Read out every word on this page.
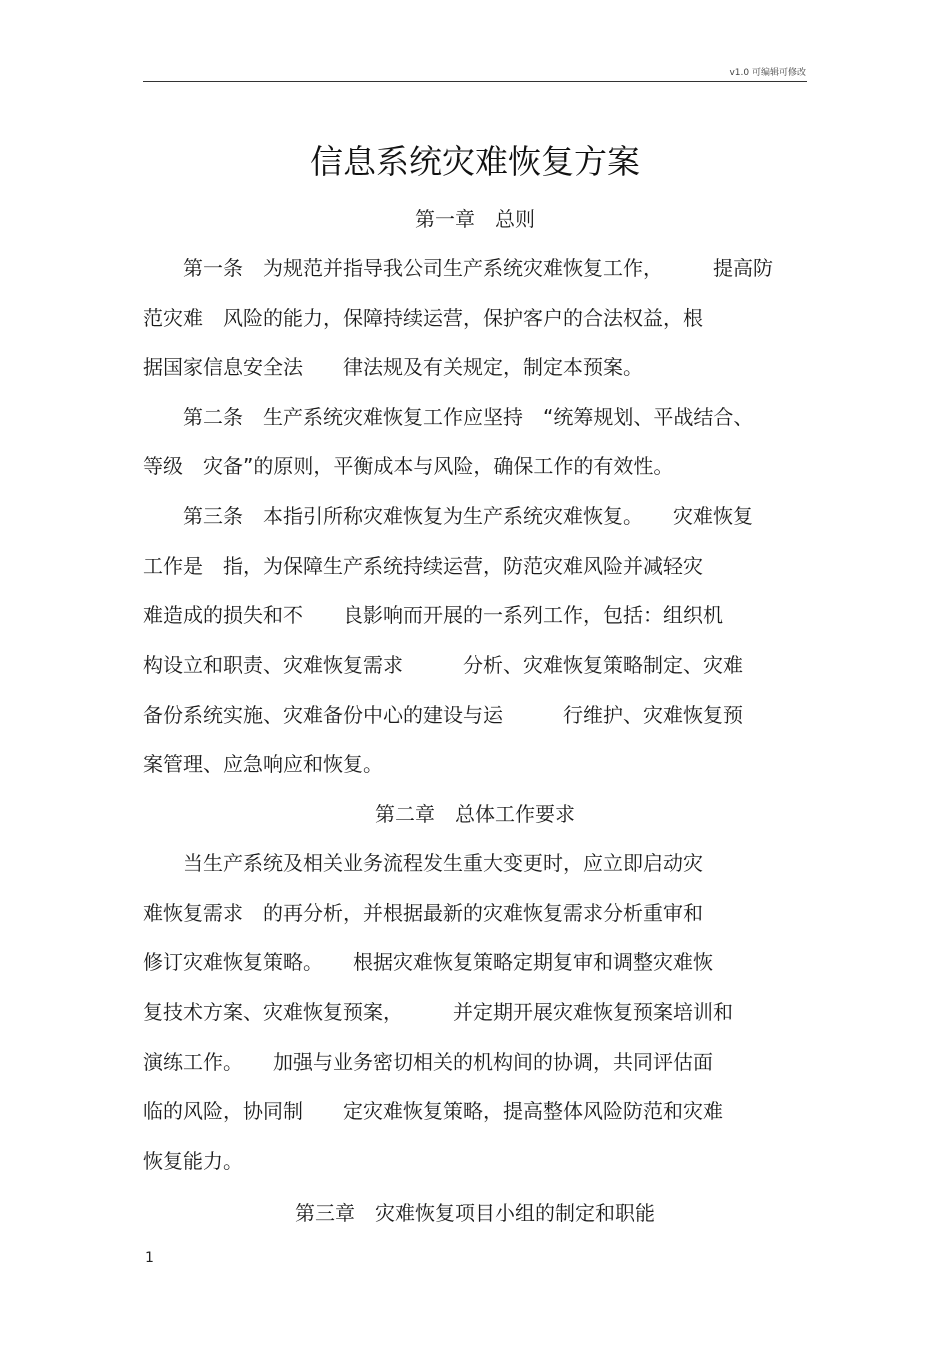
v1.0 可编辑可修改
信息系统灾难恢复方案
第一章　总则
　　第一条　为规范并指导我公司生产系统灾难恢复工作，　　　提高防
范灾难　风险的能力，保障持续运营，保护客户的合法权益，根
据国家信息安全法　　律法规及有关规定，制定本预案。
　　第二条　生产系统灾难恢复工作应坚持　“统筹规划、平战结合、
等级　灾备”的原则，平衡成本与风险，确保工作的有效性。
　　第三条　本指引所称灾难恢复为生产系统灾难恢复。　　灾难恢复
工作是　指，为保障生产系统持续运营，防范灾难风险并减轻灾
难造成的损失和不　　良影响而开展的一系列工作，包括：组织机
构设立和职责、灾难恢复需求　　　分析、灾难恢复策略制定、灾难
备份系统实施、灾难备份中心的建设与运　　　行维护、灾难恢复预
案管理、应急响应和恢复。
第二章　总体工作要求
　　当生产系统及相关业务流程发生重大变更时，应立即启动灾
难恢复需求　的再分析，并根据最新的灾难恢复需求分析重审和
修订灾难恢复策略。　　根据灾难恢复策略定期复审和调整灾难恢
复技术方案、灾难恢复预案，　　　并定期开展灾难恢复预案培训和
演练工作。　　加强与业务密切相关的机构间的协调，共同评估面
临的风险，协同制　　定灾难恢复策略，提高整体风险防范和灾难
恢复能力。
第三章　灾难恢复项目小组的制定和职能
1
